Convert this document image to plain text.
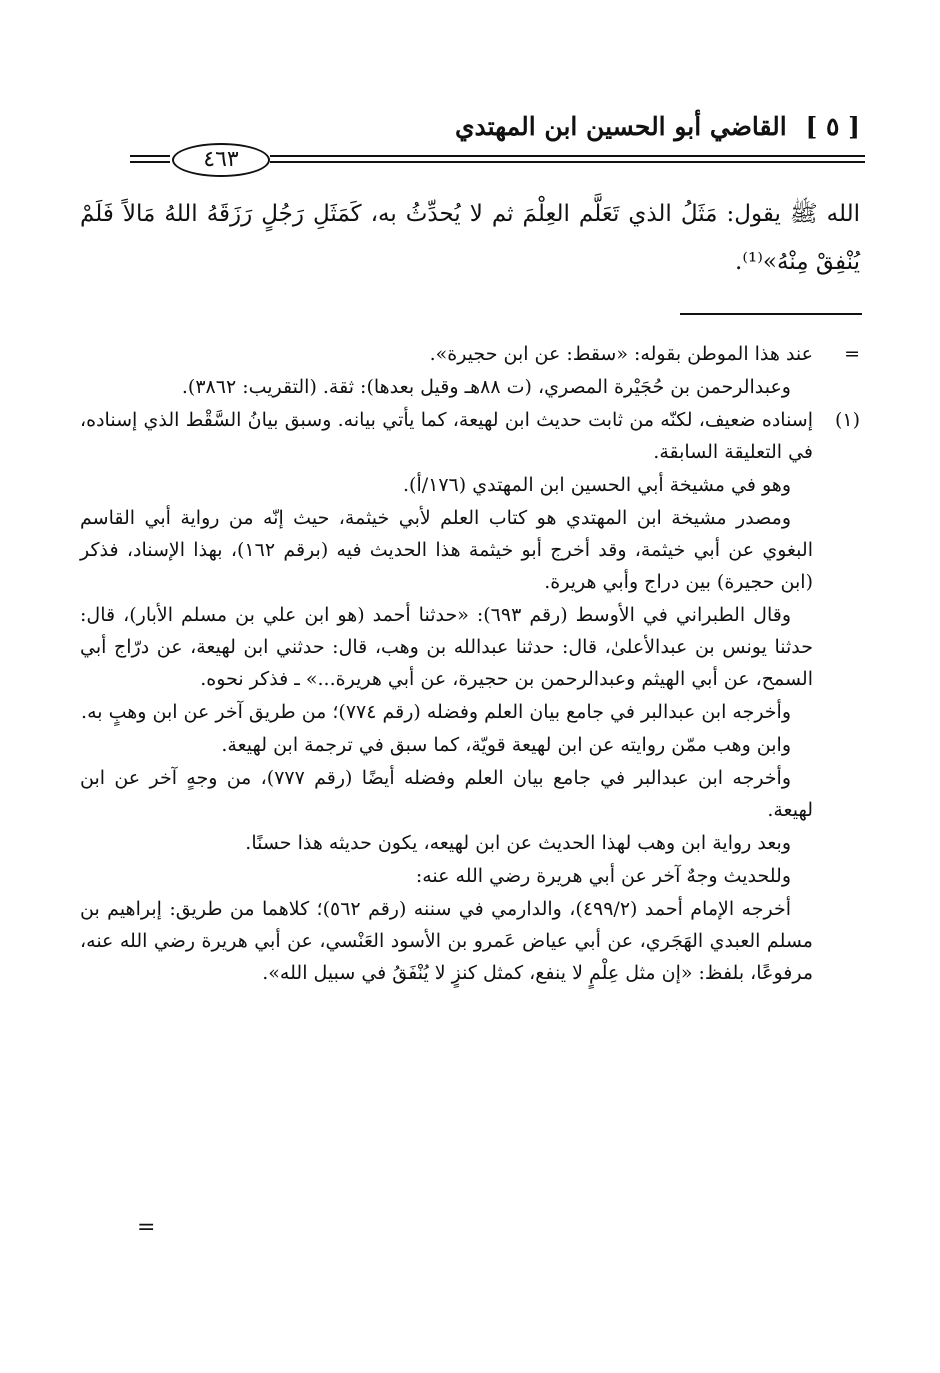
[ ٥ ] القاضي أبو الحسين ابن المهتدي
٤٦٣
الله ﷺ يقول: مَثَلُ الذي تَعَلَّم العِلْمَ ثم لا يُحدِّثُ به، كَمَثَلِ رَجُلٍ رَزَقَهُ اللهُ مَالاً فَلَمْ يُنْفِقْ مِنْهُ»⁽¹⁾.

=
عند هذا الموطن بقوله: «سقط: عن ابن حجيرة».

وعبدالرحمن بن حُجَيْرة المصري، (ت ٨٨هـ وقيل بعدها): ثقة. (التقريب: ٣٨٦٢).

(١)
إسناده ضعيف، لكنّه من ثابت حديث ابن لهيعة، كما يأتي بيانه. وسبق بيانُ السَّقْط الذي إسناده، في التعليقة السابقة.

وهو في مشيخة أبي الحسين ابن المهتدي (١٧٦/أ).

ومصدر مشيخة ابن المهتدي هو كتاب العلم لأبي خيثمة، حيث إنّه من رواية أبي القاسم البغوي عن أبي خيثمة، وقد أخرج أبو خيثمة هذا الحديث فيه (برقم ١٦٢)، بهذا الإسناد، فذكر (ابن حجيرة) بين دراج وأبي هريرة.

وقال الطبراني في الأوسط (رقم ٦٩٣): «حدثنا أحمد (هو ابن علي بن مسلم الأبار)، قال: حدثنا يونس بن عبدالأعلىٰ، قال: حدثنا عبدالله بن وهب، قال: حدثني ابن لهيعة، عن درّاج أبي السمح، عن أبي الهيثم وعبدالرحمن بن حجيرة، عن أبي هريرة...» ـ فذكر نحوه.

وأخرجه ابن عبدالبر في جامع بيان العلم وفضله (رقم ٧٧٤)؛ من طريق آخر عن ابن وهبٍ به.

وابن وهب ممّن روايته عن ابن لهيعة قويّة، كما سبق في ترجمة ابن لهيعة.

وأخرجه ابن عبدالبر في جامع بيان العلم وفضله أيضًا (رقم ٧٧٧)، من وجهٍ آخر عن ابن لهيعة.

وبعد رواية ابن وهب لهذا الحديث عن ابن لهيعه، يكون حديثه هذا حسنًا.

وللحديث وجهٌ آخر عن أبي هريرة رضي الله عنه:

أخرجه الإمام أحمد (٤٩٩/٢)، والدارمي في سننه (رقم ٥٦٢)؛ كلاهما من طريق: إبراهيم بن مسلم العبدي الهَجَري، عن أبي عياض عَمرو بن الأسود العَنْسي، عن أبي هريرة رضي الله عنه، مرفوعًا، بلفظ: «إن مثل عِلْمٍ لا ينفع، كمثل كنزٍ لا يُنْفَقُ في سبيل الله».

=
